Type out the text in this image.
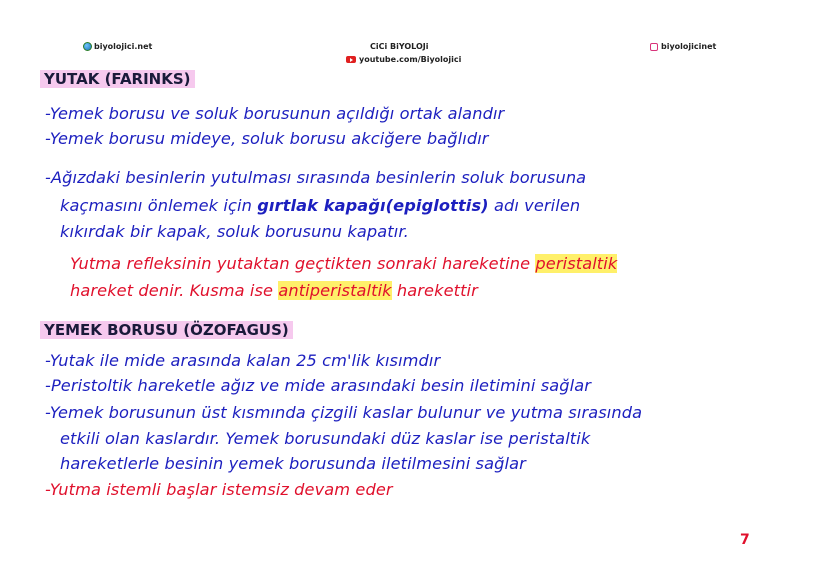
biyolojici.net	CiCi BiYOLOJi
youtube.com/Biyolojici
biyolojicinet
YUTAK (FARINKS)
-Yemek borusu ve soluk borusunun açıldığı ortak alandır
-Yemek borusu mideye, soluk borusu akciğere bağlıdır
-Ağızdaki besinlerin yutulması sırasında besinlerin soluk borusuna
kaçmasını önlemek için gırtlak kapağı(epiglottis) adı verilen
kıkırdak bir kapak, soluk borusunu kapatır.
Yutma refleksinin yutaktan geçtikten sonraki hareketine peristaltik
hareket denir. Kusma ise antiperistaltik harekettir
YEMEK BORUSU (ÖZOFAGUS)
-Yutak ile mide arasında kalan 25 cm'lik kısımdır
-Peristoltik hareketle ağız ve mide arasındaki besin iletimini sağlar
-Yemek borusunun üst kısmında çizgili kaslar bulunur ve yutma sırasında
etkili olan kaslardır. Yemek borusundaki düz kaslar ise peristaltik
hareketlerle besinin yemek borusunda iletilmesini sağlar
-Yutma istemli başlar istemsiz devam eder
7
